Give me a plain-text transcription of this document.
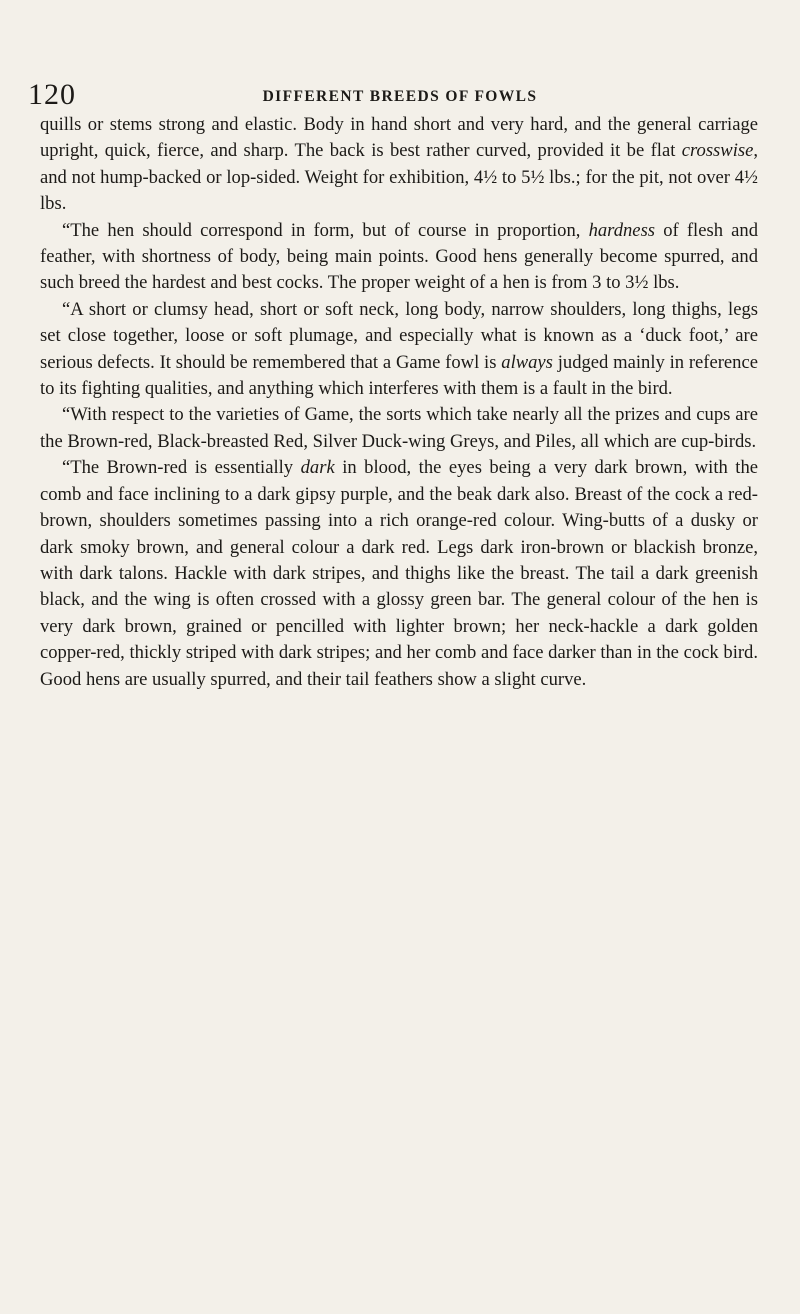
120	DIFFERENT BREEDS OF FOWLS

quills or stems strong and elastic. Body in hand short and very hard, and the general carriage upright, quick, fierce, and sharp. The back is best rather curved, provided it be flat crosswise, and not hump-backed or lop-sided. Weight for exhibition, 4½ to 5½ lbs.; for the pit, not over 4½ lbs.

“The hen should correspond in form, but of course in proportion, hardness of flesh and feather, with shortness of body, being main points. Good hens generally become spurred, and such breed the hardest and best cocks. The proper weight of a hen is from 3 to 3½ lbs.

“A short or clumsy head, short or soft neck, long body, narrow shoulders, long thighs, legs set close together, loose or soft plumage, and especially what is known as a ‘duck foot,’ are serious defects. It should be remembered that a Game fowl is always judged mainly in reference to its fighting qualities, and anything which interferes with them is a fault in the bird.

“With respect to the varieties of Game, the sorts which take nearly all the prizes and cups are the Brown-red, Black-breasted Red, Silver Duck-wing Greys, and Piles, all which are cup-birds.

“The Brown-red is essentially dark in blood, the eyes being a very dark brown, with the comb and face inclining to a dark gipsy purple, and the beak dark also. Breast of the cock a red-brown, shoulders sometimes passing into a rich orange-red colour. Wing-butts of a dusky or dark smoky brown, and general colour a dark red. Legs dark iron-brown or blackish bronze, with dark talons. Hackle with dark stripes, and thighs like the breast. The tail a dark greenish black, and the wing is often crossed with a glossy green bar. The general colour of the hen is very dark brown, grained or pencilled with lighter brown; her neck-hackle a dark golden copper-red, thickly striped with dark stripes; and her comb and face darker than in the cock bird. Good hens are usually spurred, and their tail feathers show a slight curve.
